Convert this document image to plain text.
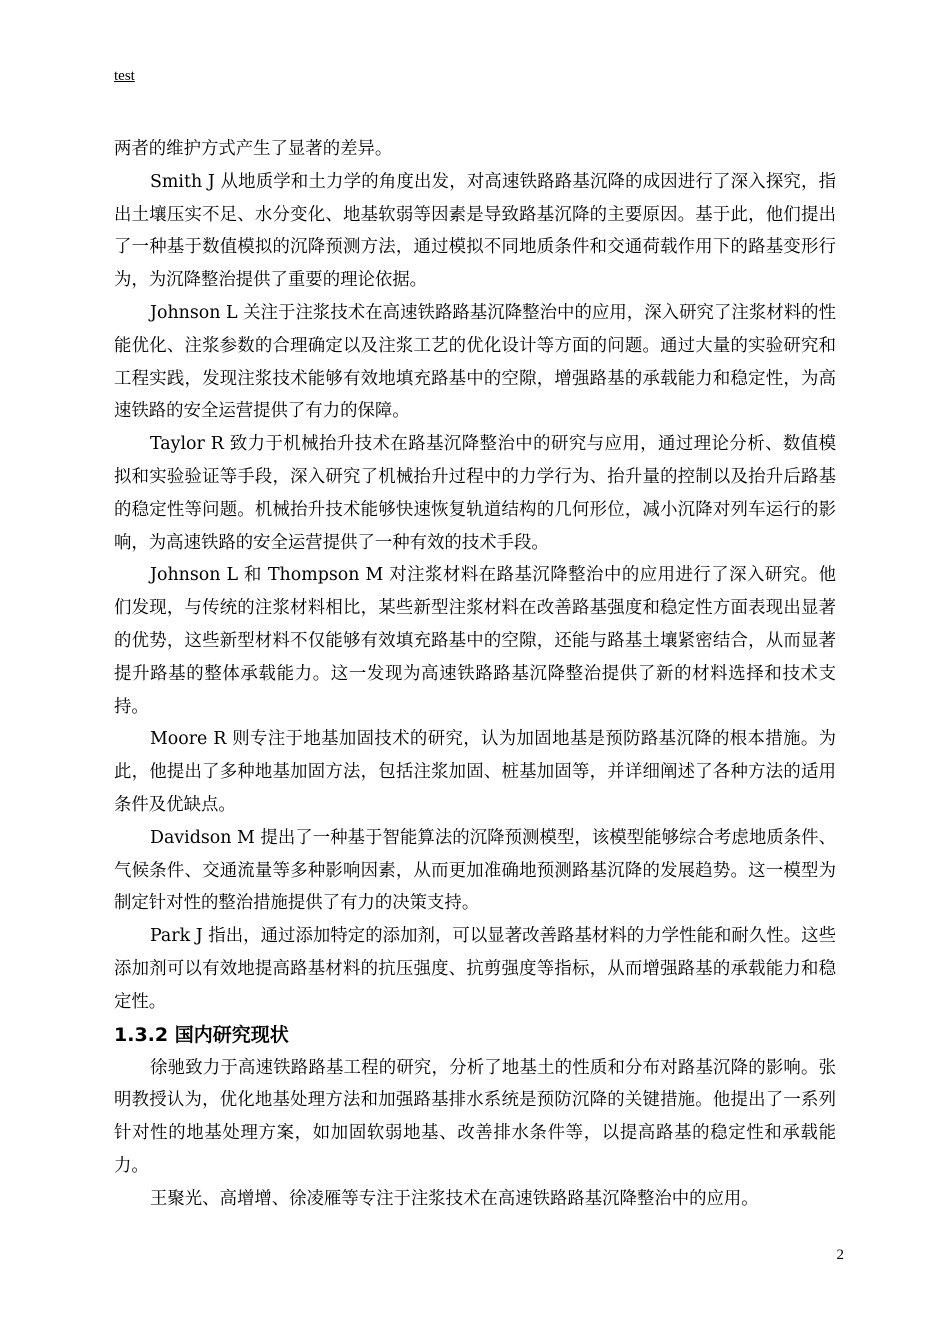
test

两者的维护方式产生了显著的差异。

Smith J 从地质学和土力学的角度出发，对高速铁路路基沉降的成因进行了深入探究，指出土壤压实不足、水分变化、地基软弱等因素是导致路基沉降的主要原因。基于此，他们提出了一种基于数值模拟的沉降预测方法，通过模拟不同地质条件和交通荷载作用下的路基变形行为，为沉降整治提供了重要的理论依据。

Johnson L 关注于注浆技术在高速铁路路基沉降整治中的应用，深入研究了注浆材料的性能优化、注浆参数的合理确定以及注浆工艺的优化设计等方面的问题。通过大量的实验研究和工程实践，发现注浆技术能够有效地填充路基中的空隙，增强路基的承载能力和稳定性，为高速铁路的安全运营提供了有力的保障。

Taylor R 致力于机械抬升技术在路基沉降整治中的研究与应用，通过理论分析、数值模拟和实验验证等手段，深入研究了机械抬升过程中的力学行为、抬升量的控制以及抬升后路基的稳定性等问题。机械抬升技术能够快速恢复轨道结构的几何形位，减小沉降对列车运行的影响，为高速铁路的安全运营提供了一种有效的技术手段。

Johnson L 和 Thompson M 对注浆材料在路基沉降整治中的应用进行了深入研究。他们发现，与传统的注浆材料相比，某些新型注浆材料在改善路基强度和稳定性方面表现出显著的优势，这些新型材料不仅能够有效填充路基中的空隙，还能与路基土壤紧密结合，从而显著提升路基的整体承载能力。这一发现为高速铁路路基沉降整治提供了新的材料选择和技术支持。

Moore R 则专注于地基加固技术的研究，认为加固地基是预防路基沉降的根本措施。为此，他提出了多种地基加固方法，包括注浆加固、桩基加固等，并详细阐述了各种方法的适用条件及优缺点。

Davidson M 提出了一种基于智能算法的沉降预测模型，该模型能够综合考虑地质条件、气候条件、交通流量等多种影响因素，从而更加准确地预测路基沉降的发展趋势。这一模型为制定针对性的整治措施提供了有力的决策支持。

Park J 指出，通过添加特定的添加剂，可以显著改善路基材料的力学性能和耐久性。这些添加剂可以有效地提高路基材料的抗压强度、抗剪强度等指标，从而增强路基的承载能力和稳定性。

1.3.2 国内研究现状

徐驰致力于高速铁路路基工程的研究，分析了地基土的性质和分布对路基沉降的影响。张明教授认为，优化地基处理方法和加强路基排水系统是预防沉降的关键措施。他提出了一系列针对性的地基处理方案，如加固软弱地基、改善排水条件等，以提高路基的稳定性和承载能力。

王聚光、高增增、徐凌雁等专注于注浆技术在高速铁路路基沉降整治中的应用。

2
